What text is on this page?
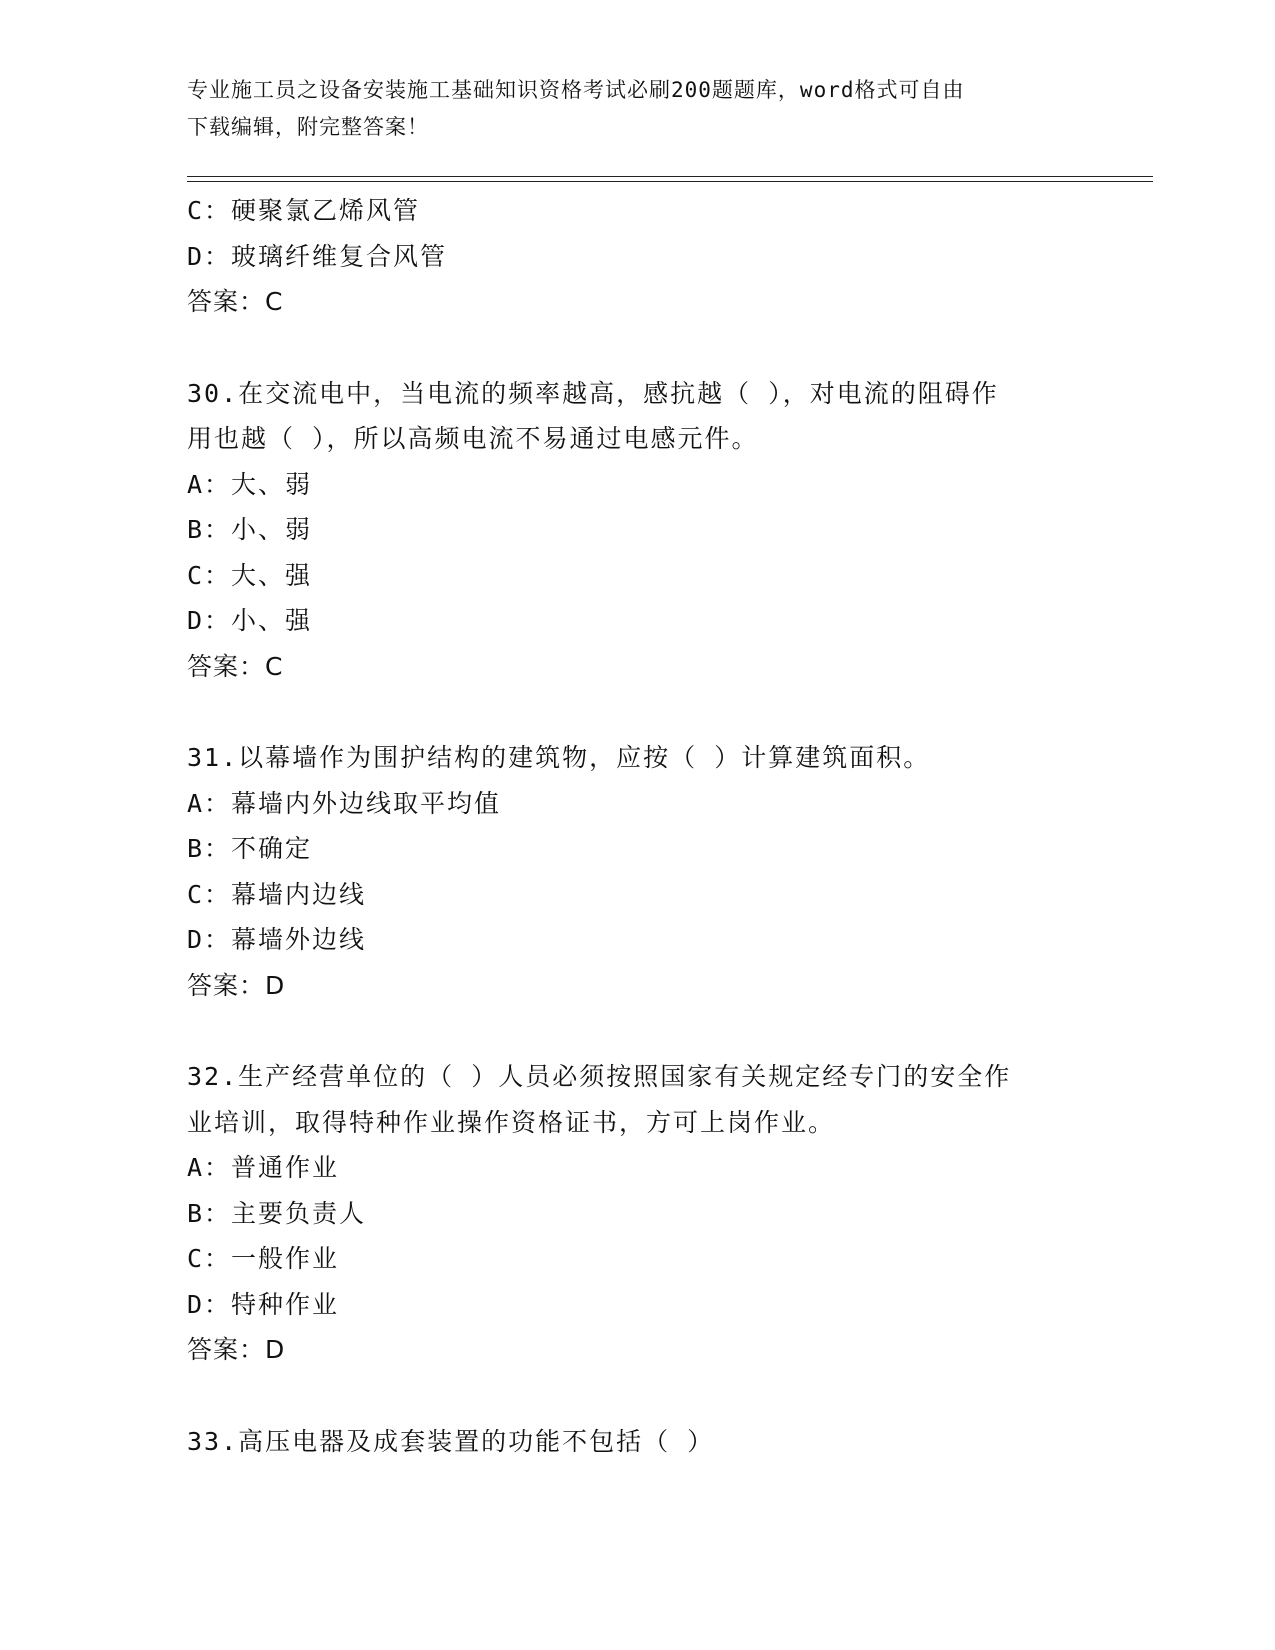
专业施工员之设备安装施工基础知识资格考试必刷200题题库，word格式可自由
下载编辑，附完整答案！
C：硬聚氯乙烯风管
D：玻璃纤维复合风管
答案：C
30.在交流电中，当电流的频率越高，感抗越（ ），对电流的阻碍作
用也越（ ），所以高频电流不易通过电感元件。
A：大、弱
B：小、弱
C：大、强
D：小、强
答案：C
31.以幕墙作为围护结构的建筑物，应按（ ）计算建筑面积。
A：幕墙内外边线取平均值
B：不确定
C：幕墙内边线
D：幕墙外边线
答案：D
32.生产经营单位的（ ）人员必须按照国家有关规定经专门的安全作
业培训，取得特种作业操作资格证书，方可上岗作业。
A：普通作业
B：主要负责人
C：一般作业
D：特种作业
答案：D
33.高压电器及成套装置的功能不包括（ ）
